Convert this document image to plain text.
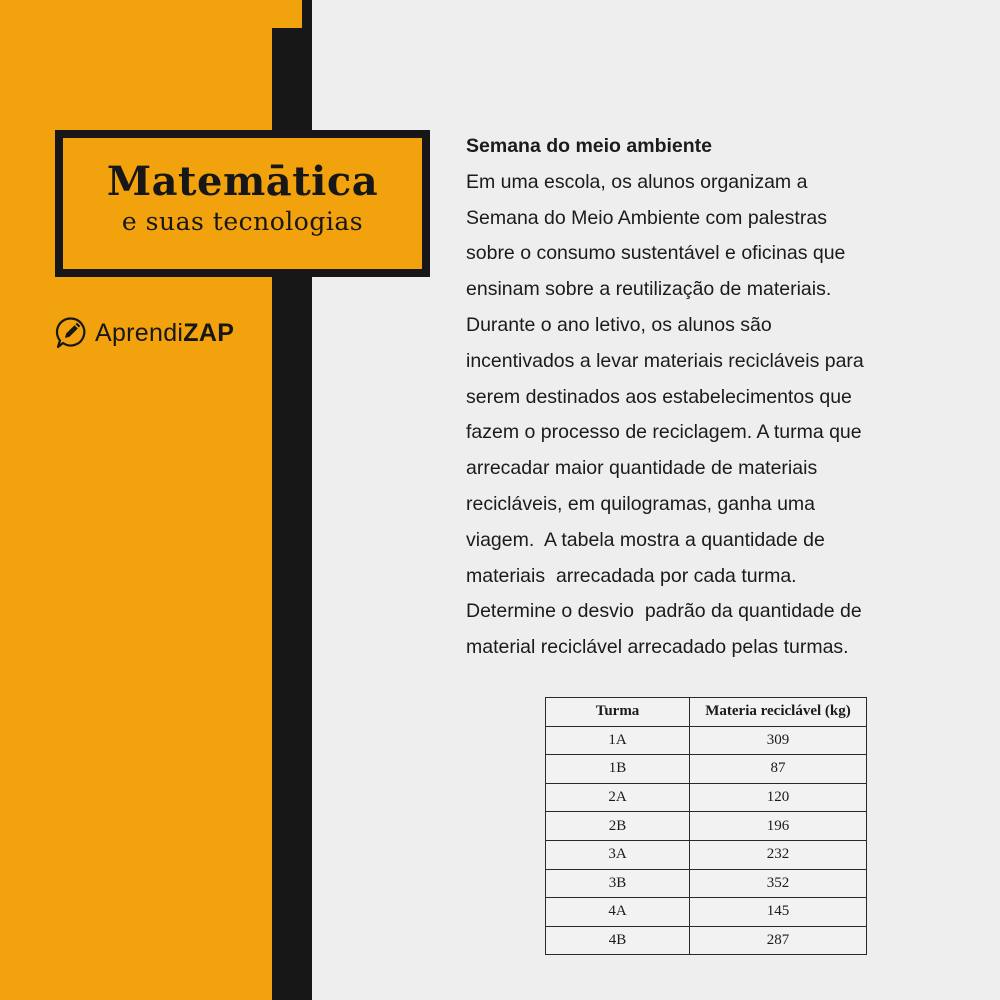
Matemātica
e suas tecnologias
AprendiZAP
Semana do meio ambiente
Em uma escola, os alunos organizam a
Semana do Meio Ambiente com palestras
sobre o consumo sustentável e oficinas que
ensinam sobre a reutilização de materiais.
Durante o ano letivo, os alunos são
incentivados a levar materiais recicláveis para
serem destinados aos estabelecimentos que
fazem o processo de reciclagem. A turma que
arrecadar maior quantidade de materiais
recicláveis, em quilogramas, ganha uma
viagem.  A tabela mostra a quantidade de
materiais  arrecadada por cada turma.
Determine o desvio  padrão da quantidade de
material reciclável arrecadado pelas turmas.
Turma	Materia reciclável (kg)
1A	309
1B	87
2A	120
2B	196
3A	232
3B	352
4A	145
4B	287
